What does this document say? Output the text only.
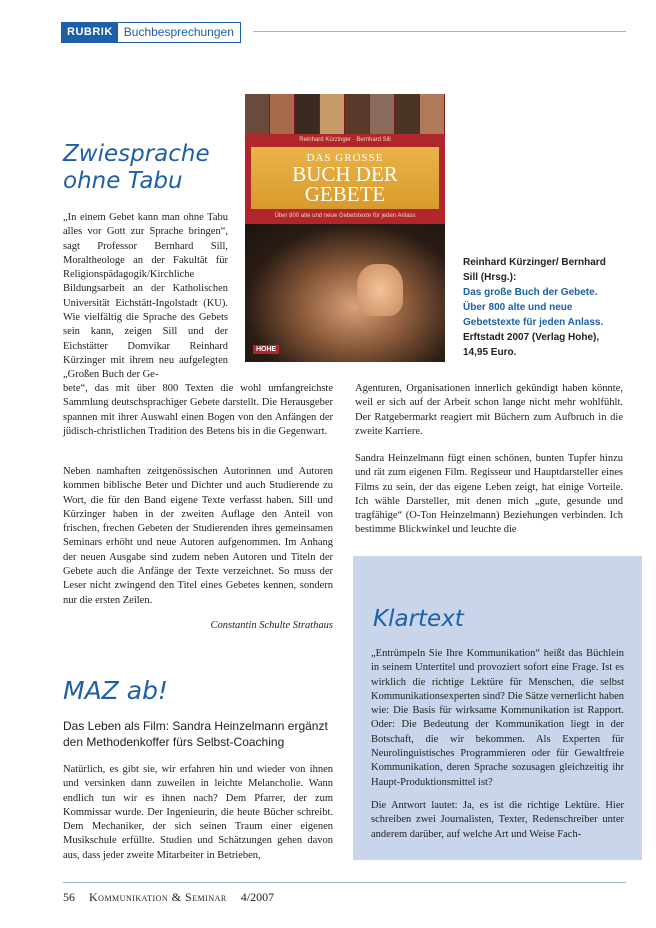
RUBRIK Buchbesprechungen
Reinhard Kürzinger · Bernhard Sill
DAS GROSSE
BUCH DER
GEBETE
Über 800 alte und neue Gebetstexte für jeden Anlass
HOHE
Reinhard Kürzinger/ Bernhard Sill (Hrsg.):
Das große Buch der Gebete. Über 800 alte und neue Gebetstexte für jeden Anlass.
Erftstadt 2007 (Verlag Hohe), 14,95 Euro.
Zwiesprache
ohne Tabu

„In einem Gebet kann man ohne Tabu alles vor Gott zur Sprache bringen“, sagt Professor Bernhard Sill, Moraltheologe an der Fakultät für Religionspädagogik/Kirchliche Bildungsarbeit an der Katholischen Universität Eichstätt-Ingolstadt (KU). Wie vielfältig die Sprache des Gebets sein kann, zeigen Sill und der Eichstätter Domvikar Reinhard Kürzinger mit ihrem neu aufgelegten „Großen Buch der Ge-

bete“, das mit über 800 Texten die wohl umfangreichste Sammlung deutschsprachiger Gebete darstellt. Die Herausgeber spannen mit ihrer Auswahl einen Bogen von den Anfängen der jüdisch-christlichen Tradition des Betens bis in die Gegenwart.

Neben namhaften zeitgenössischen Autorinnen und Autoren kommen biblische Beter und Dichter und auch Studierende zu Wort, die für den Band eigene Texte verfasst haben. Sill und Kürzinger haben in der zweiten Auflage den Anteil von frischen, frechen Gebeten der Studierenden ihres gemeinsamen Seminars erhöht und neue Autoren aufgenommen. Im Anhang der neuen Ausgabe sind zudem neben Autoren und Titeln der Gebete auch die Anfänge der Texte verzeichnet. So muss der Leser nicht zwingend den Titel eines Gebetes kennen, sondern nur die ersten Zeilen.

Constantin Schulte Strathaus
MAZ ab!

Das Leben als Film: Sandra Heinzelmann ergänzt den Methodenkoffer fürs Selbst-Coaching

Natürlich, es gibt sie, wir erfahren hin und wieder von ihnen und versinken dann zuweilen in leichte Melancholie. Wann endlich tun wir es ihnen nach? Dem Pfarrer, der zum Kommissar wurde. Der Ingenieurin, die heute Bücher schreibt. Dem Mechaniker, der sich seinen Traum einer eigenen Musikschule erfüllte. Studien und Schätzungen gehen davon aus, dass jeder zweite Mitarbeiter in Betrieben,

Agenturen, Organisationen innerlich gekündigt haben könnte, weil er sich auf der Arbeit schon lange nicht mehr wohlfühlt. Der Ratgebermarkt reagiert mit Büchern zum Aufbruch in die zweite Karriere.

Sandra Heinzelmann fügt einen schönen, bunten Tupfer hinzu und rät zum eigenen Film. Regisseur und Hauptdarsteller eines Films zu sein, der das eigene Leben zeigt, hat einige Vorteile. Ich wähle Darsteller, mit denen mich „gute, gesunde und tragfähige“ (O-Ton Heinzelmann) Beziehungen verbinden. Ich bestimme Blickwinkel und leuchte die

„Entrümpeln Sie Ihre Kommunikation“ heißt das Büchlein in seinem Untertitel und provoziert sofort eine Frage. Ist es wirklich die richtige Lektüre für Menschen, die selbst Kommunikationsexperten sind? Die Sätze vernerlicht haben wie: Die Basis für wirksame Kommunikation ist Rapport. Oder: Die Bedeutung der Kommunikation liegt in der Botschaft, die wir bekommen. Als Experten für Neurolinguistisches Programmieren oder für Gewaltfreie Kommunikation, deren Sprache sozusagen gleichzeitig ihr Haupt-Produktionsmittel ist?

Die Antwort lautet: Ja, es ist die richtige Lektüre. Hier schreiben zwei Journalisten, Texter, Redenschreiber unter anderem darüber, auf welche Art und Weise Fach-

Klartext
56 Kommunikation & Seminar 4/2007
